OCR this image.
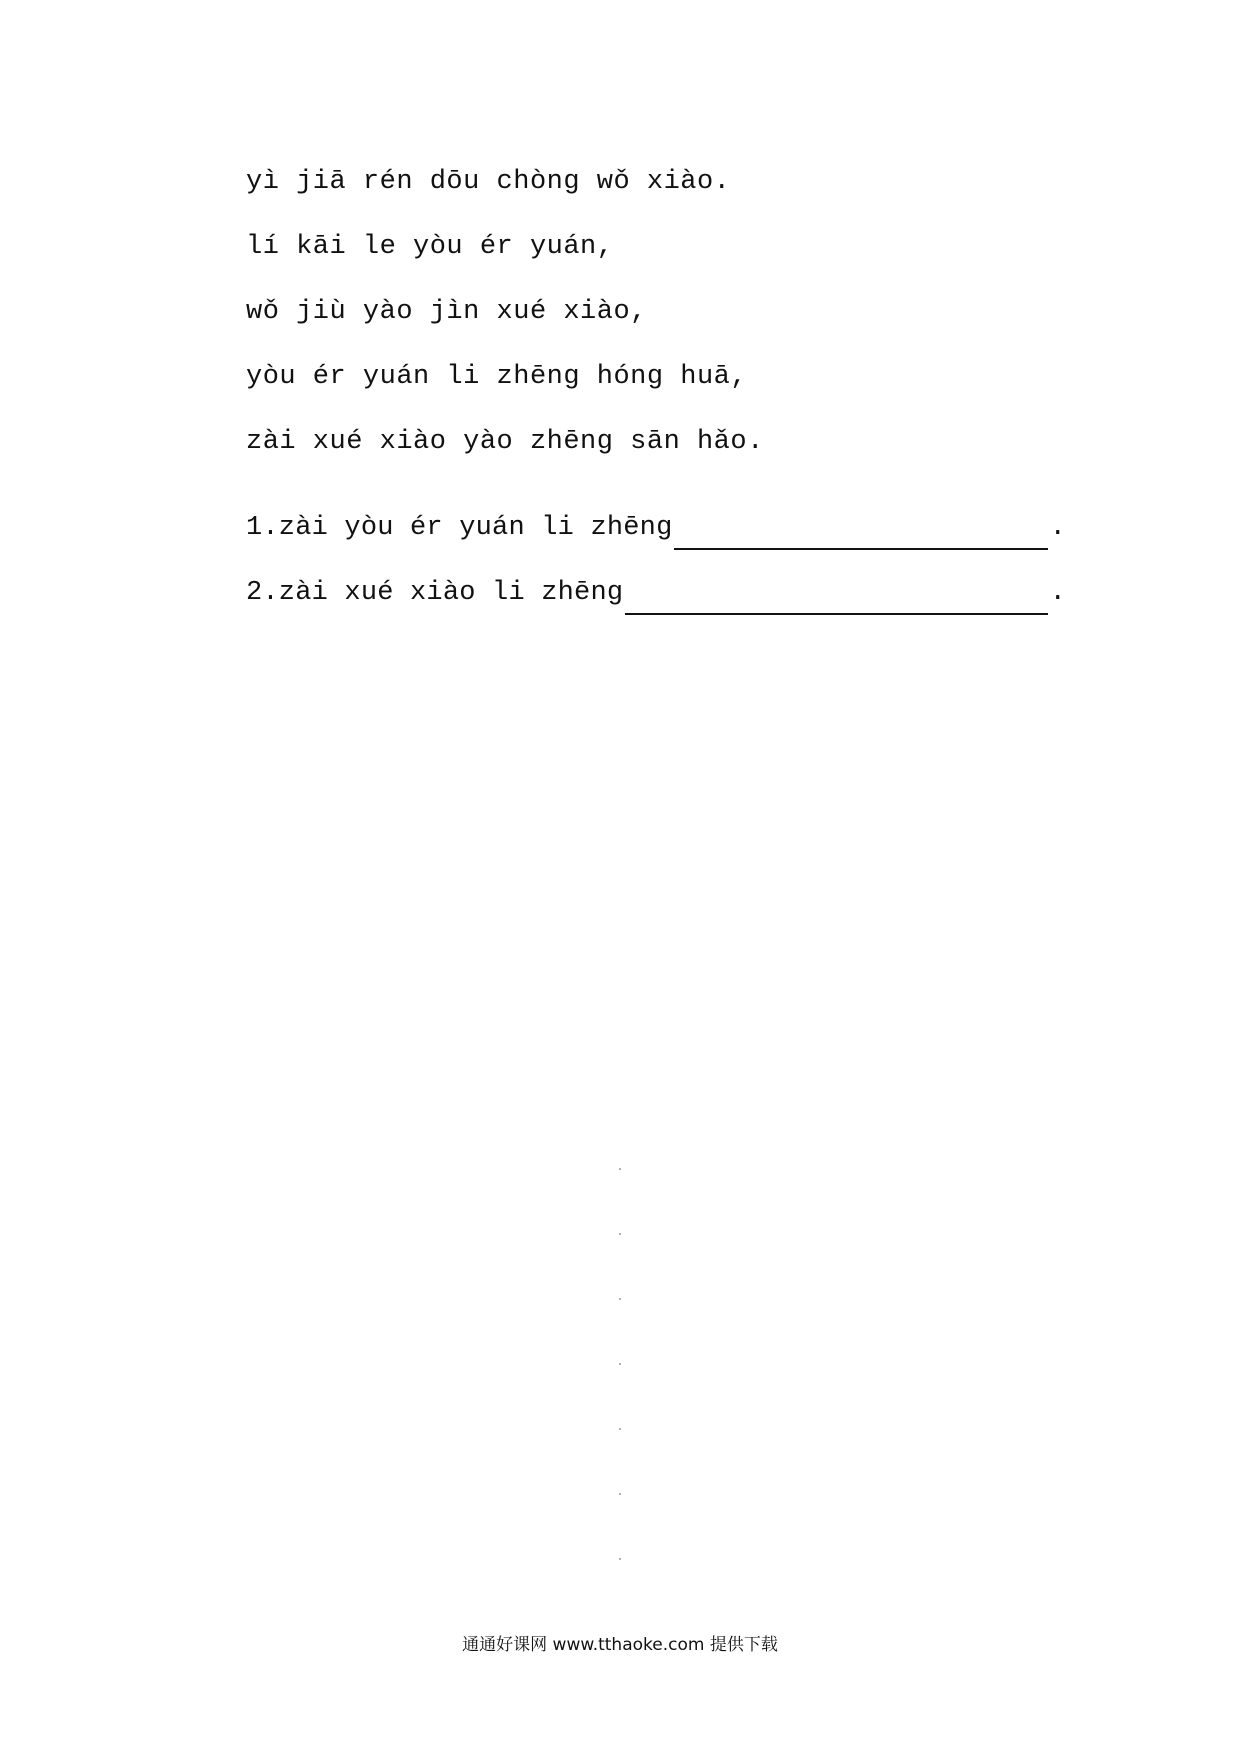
yì jiā rén dōu chòng wǒ xiào.
lí kāi le yòu ér yuán,
wǒ jiù yào jìn xué xiào,
yòu ér yuán li zhēng hóng huā,
zài xué xiào yào zhēng sān hǎo.
1.zài yòu ér yuán li zhēng	.
2.zài xué xiào li zhēng	.
通通好课网 www.tthaoke.com 提供下载
